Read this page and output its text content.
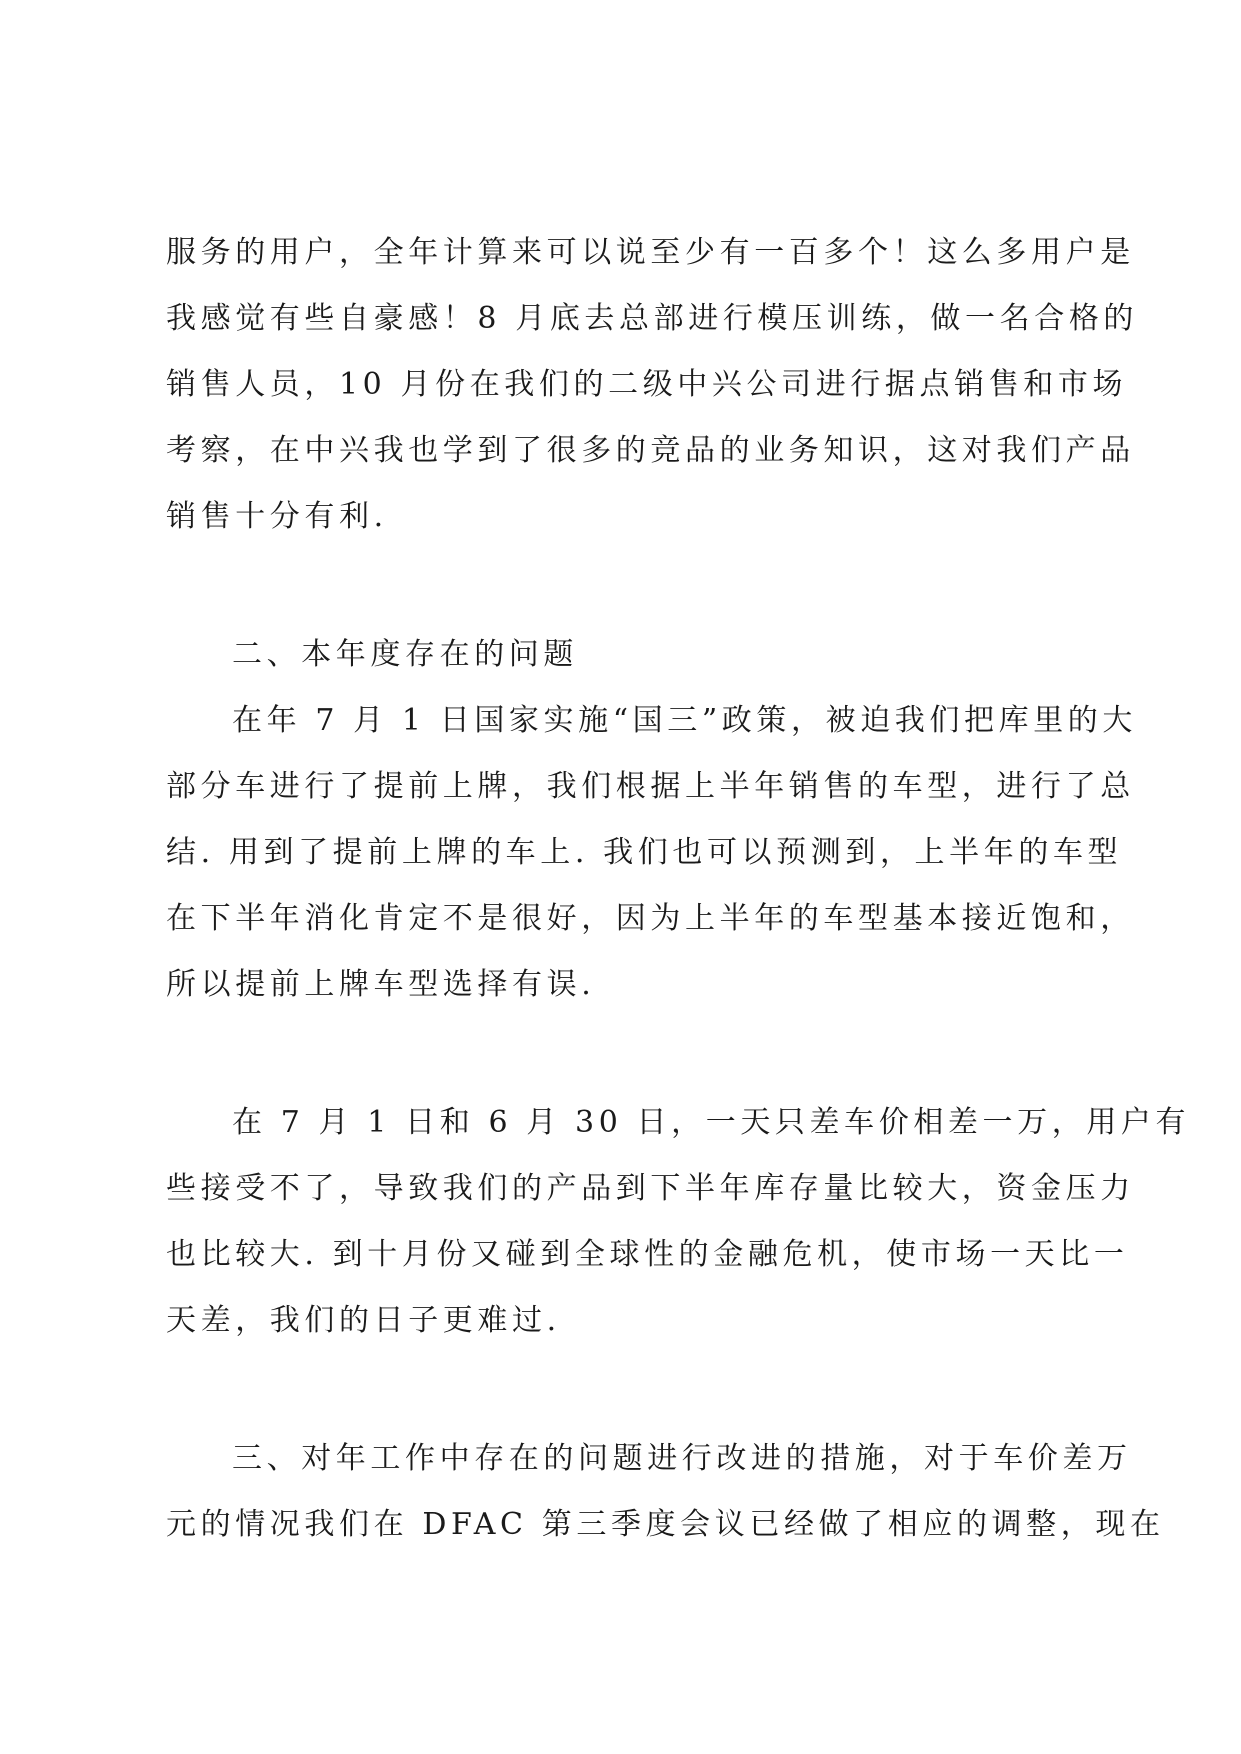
服务的用户，全年计算来可以说至少有一百多个！这么多用户是
我感觉有些自豪感！8 月底去总部进行模压训练，做一名合格的
销售人员，10 月份在我们的二级中兴公司进行据点销售和市场
考察，在中兴我也学到了很多的竞品的业务知识，这对我们产品
销售十分有利.
二、本年度存在的问题
在年 7 月 1 日国家实施“国三”政策，被迫我们把库里的大
部分车进行了提前上牌，我们根据上半年销售的车型，进行了总
结. 用到了提前上牌的车上. 我们也可以预测到，上半年的车型
在下半年消化肯定不是很好，因为上半年的车型基本接近饱和，
所以提前上牌车型选择有误.
在 7 月 1 日和 6 月 30 日，一天只差车价相差一万，用户有
些接受不了，导致我们的产品到下半年库存量比较大，资金压力
也比较大. 到十月份又碰到全球性的金融危机，使市场一天比一
天差，我们的日子更难过.
三、对年工作中存在的问题进行改进的措施，对于车价差万
元的情况我们在 DFAC 第三季度会议已经做了相应的调整，现在
